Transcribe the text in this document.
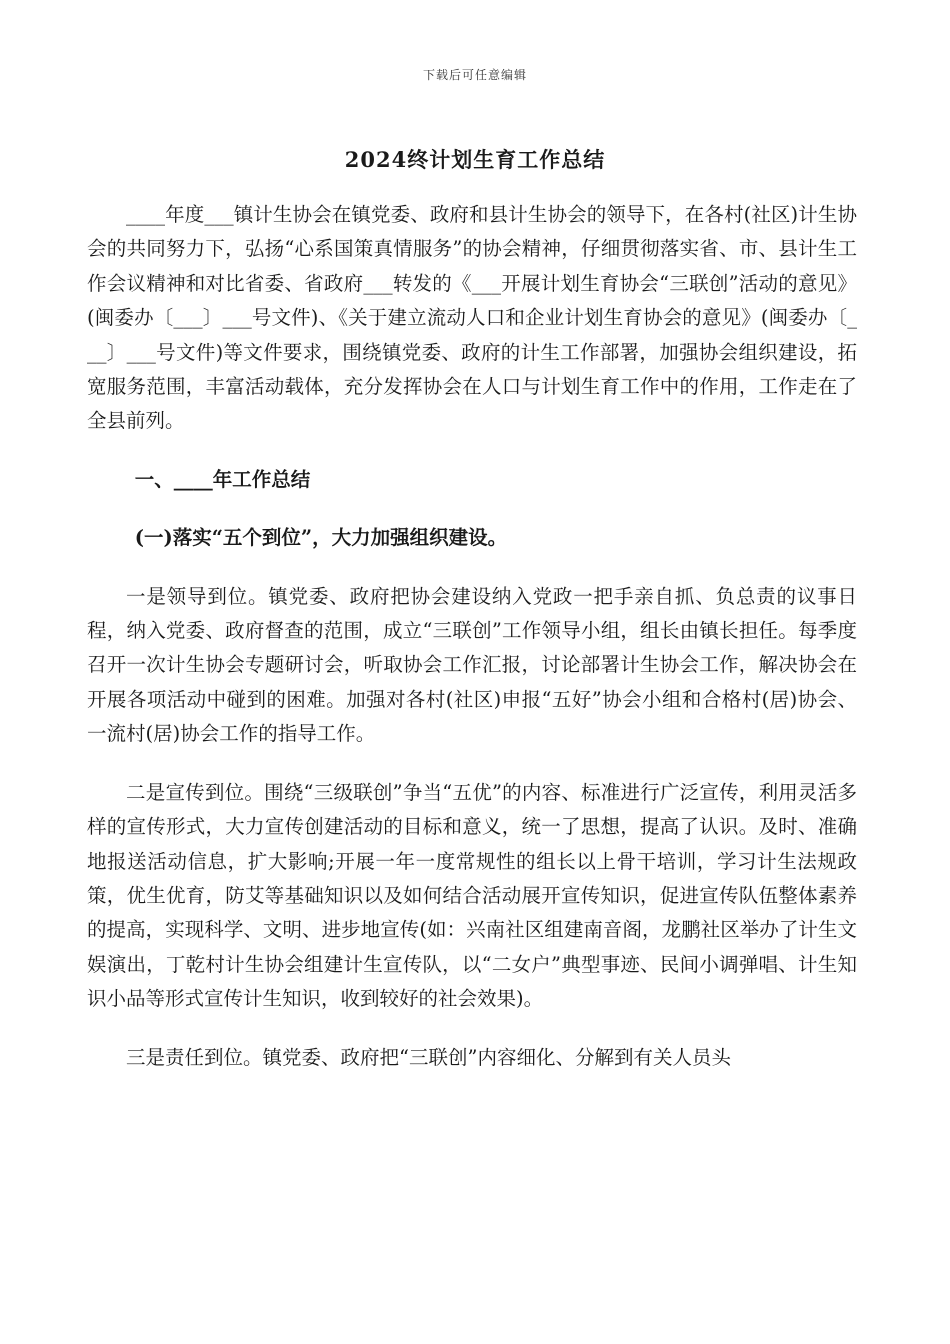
下载后可任意编辑
2024终计划生育工作总结

____年度___镇计生协会在镇党委、政府和县计生协会的领导下，在各村(社区)计生协会的共同努力下，弘扬“心系国策真情服务”的协会精神，仔细贯彻落实省、市、县计生工作会议精神和对比省委、省政府___转发的《___开展计划生育协会“三联创”活动的意见》(闽委办〔___〕___号文件)、《关于建立流动人口和企业计划生育协会的意见》(闽委办〔___〕___号文件)等文件要求，围绕镇党委、政府的计生工作部署，加强协会组织建设，拓宽服务范围，丰富活动载体，充分发挥协会在人口与计划生育工作中的作用，工作走在了全县前列。

一、____年工作总结

(一)落实“五个到位”，大力加强组织建设。

一是领导到位。镇党委、政府把协会建设纳入党政一把手亲自抓、负总责的议事日程，纳入党委、政府督查的范围，成立“三联创”工作领导小组，组长由镇长担任。每季度召开一次计生协会专题研讨会，听取协会工作汇报，讨论部署计生协会工作，解决协会在开展各项活动中碰到的困难。加强对各村(社区)申报“五好”协会小组和合格村(居)协会、一流村(居)协会工作的指导工作。

二是宣传到位。围绕“三级联创”争当“五优”的内容、标准进行广泛宣传，利用灵活多样的宣传形式，大力宣传创建活动的目标和意义，统一了思想，提高了认识。及时、准确地报送活动信息，扩大影响;开展一年一度常规性的组长以上骨干培训，学习计生法规政策，优生优育，防艾等基础知识以及如何结合活动展开宣传知识，促进宣传队伍整体素养的提高，实现科学、文明、进步地宣传(如：兴南社区组建南音阁，龙鹏社区举办了计生文娱演出，丁乾村计生协会组建计生宣传队，以“二女户”典型事迹、民间小调弹唱、计生知识小品等形式宣传计生知识，收到较好的社会效果)。

三是责任到位。镇党委、政府把“三联创”内容细化、分解到有关人员头
